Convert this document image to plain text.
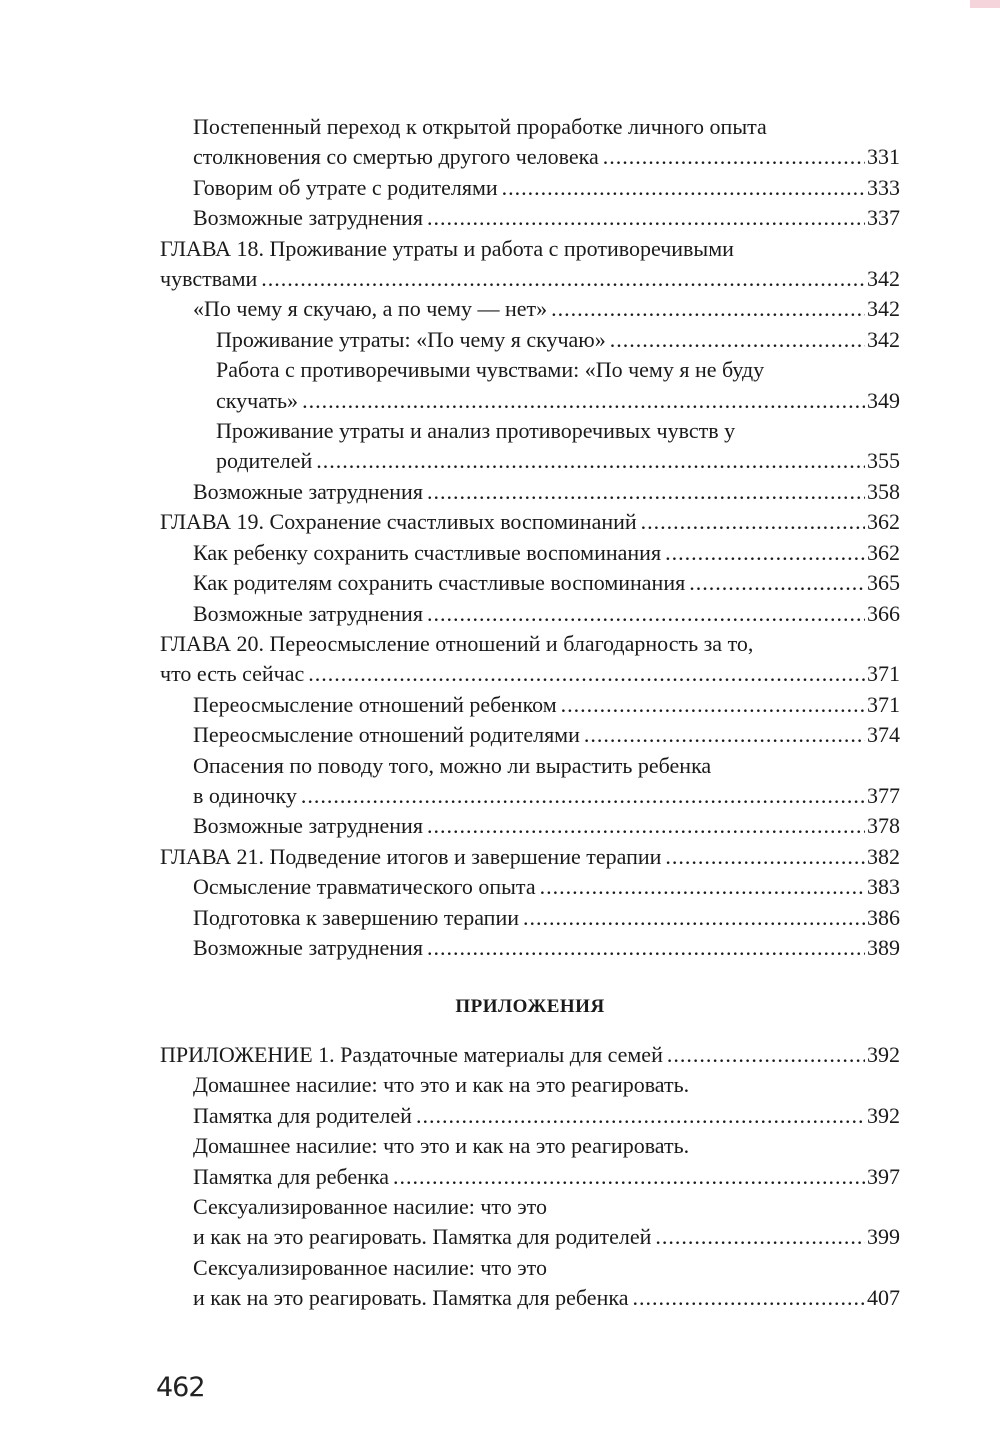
Постепенный переход к открытой проработке личного опыта
столкновения со смертью другого человека .....	331
Говорим об утрате с родителями .....	333
Возможные затруднения .....	337
ГЛАВА 18. Проживание утраты и работа с противоречивыми
чувствами .....	342
«По чему я скучаю, а по чему — нет» .....	342
Проживание утраты: «По чему я скучаю» .....	342
Работа с противоречивыми чувствами: «По чему я не буду
скучать» .....	349
Проживание утраты и анализ противоречивых чувств у
родителей .....	355
Возможные затруднения .....	358
ГЛАВА 19. Сохранение счастливых воспоминаний .....	362
Как ребенку сохранить счастливые воспоминания .....	362
Как родителям сохранить счастливые воспоминания .....	365
Возможные затруднения .....	366
ГЛАВА 20. Переосмысление отношений и благодарность за то,
что есть сейчас .....	371
Переосмысление отношений ребенком .....	371
Переосмысление отношений родителями .....	374
Опасения по поводу того, можно ли вырастить ребенка
в одиночку .....	377
Возможные затруднения .....	378
ГЛАВА 21. Подведение итогов и завершение терапии .....	382
Осмысление травматического опыта .....	383
Подготовка к завершению терапии .....	386
Возможные затруднения .....	389
ПРИЛОЖЕНИЯ
ПРИЛОЖЕНИЕ 1. Раздаточные материалы для семей .....	392
Домашнее насилие: что это и как на это реагировать.
Памятка для родителей .....	392
Домашнее насилие: что это и как на это реагировать.
Памятка для ребенка .....	397
Сексуализированное насилие: что это
и как на это реагировать. Памятка для родителей .....	399
Сексуализированное насилие: что это
и как на это реагировать. Памятка для ребенка .....	407
462
